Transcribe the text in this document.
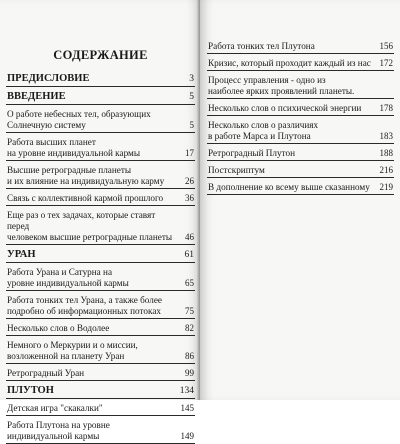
СОДЕРЖАНИЕ
ПРЕДИСЛОВИЕ	3
ВВЕДЕНИЕ	5
О работе небесных тел, образующих
Солнечную систему	5
Работа высших планет
на уровне индивидуальной кармы	17
Высшие ретроградные планеты
и их влияние на индивидуальную карму	26
Связь с коллективной кармой прошлого	36
Еще раз о тех задачах, которые ставят перед
человеком высшие ретроградные планеты	46
УРАН	61
Работа Урана и Сатурна на
уровне индивидуальной кармы	65
Работа тонких тел Урана, а также более
подробно об информационных потоках	75
Несколько слов о Водолее	82
Немного о Меркурии и о миссии,
возложенной на планету Уран	86
Ретроградный Уран	99
ПЛУТОН	134
Детская игра "скакалки"	145
Работа Плутона на уровне
индивидуальной кармы	149
Работа тонких тел Плутона	156
Кризис, который проходит каждый из нас 172
Процесс управления - одно из
наиболее ярких проявлений планеты.
Несколько слов о психической энергии	178
Несколько слов о различиях
в работе Марса и Плутона	183
Ретроградный Плутон	188
Постскриптум	216
В дополнение ко всему выше сказанному	219
